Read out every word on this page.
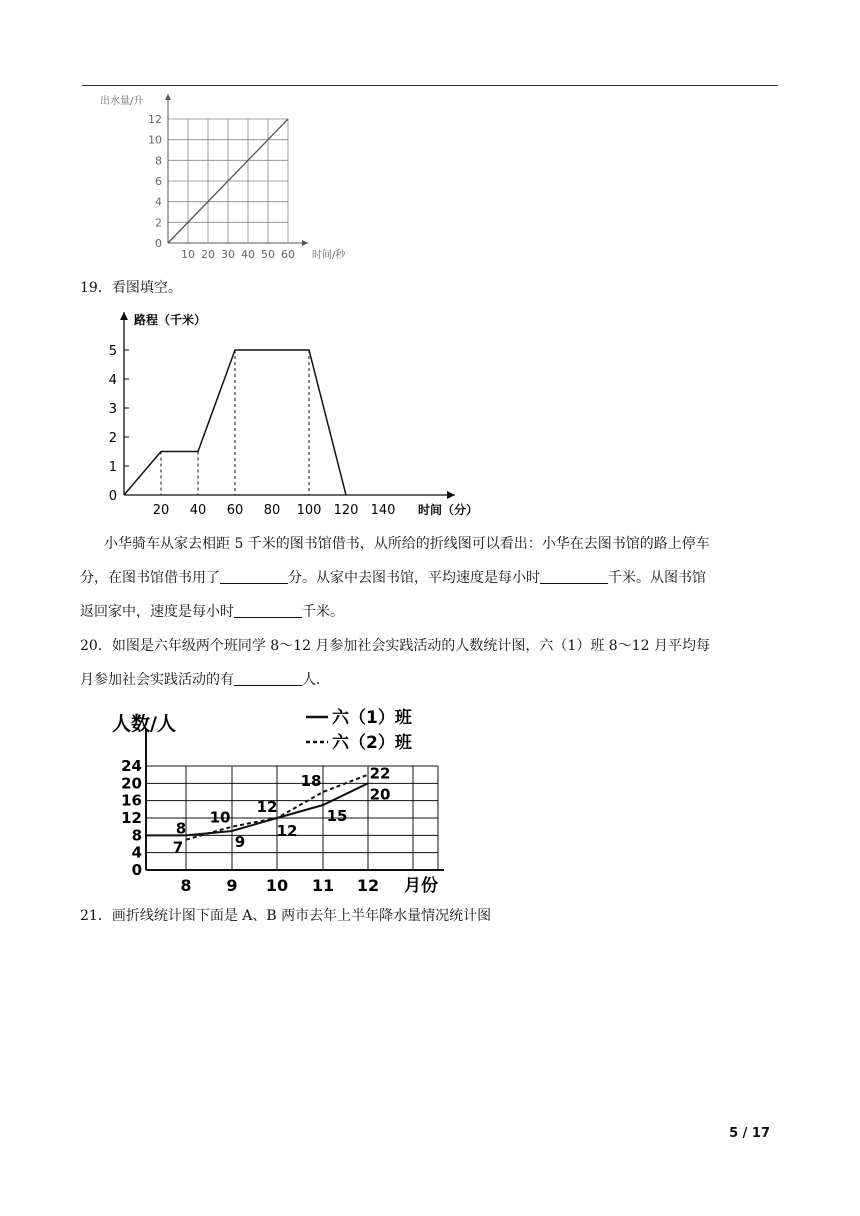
10 20 30 40 50 60
0
2
4
6
8
10
12
出水量/升
时间/秒
19．看图填空。
1
2
3
4
5
0
20 40 60 80 100 120 140
路程（千米）
时间（分）
小华骑车从家去相距 5 千米的图书馆借书，从所给的折线图可以看出：小华在去图书馆的路上停车
分，在图书馆借书用了	分。从家中去图书馆，平均速度是每小时	千米。从图书馆
返回家中，速度是每小时	千米。
20．如图是六年级两个班同学 8～12 月参加社会实践活动的人数统计图，六（1）班 8～12 月平均每
月参加社会实践活动的有	人.
0
4
8
12
16
20
24
8 9 10 11 12
人数/人
月份
六（1）班
六（2）班
9
12
15
20
10
12
18	22
8
7
21．画折线统计图下面是 A、B 两市去年上半年降水量情况统计图
5 / 17
